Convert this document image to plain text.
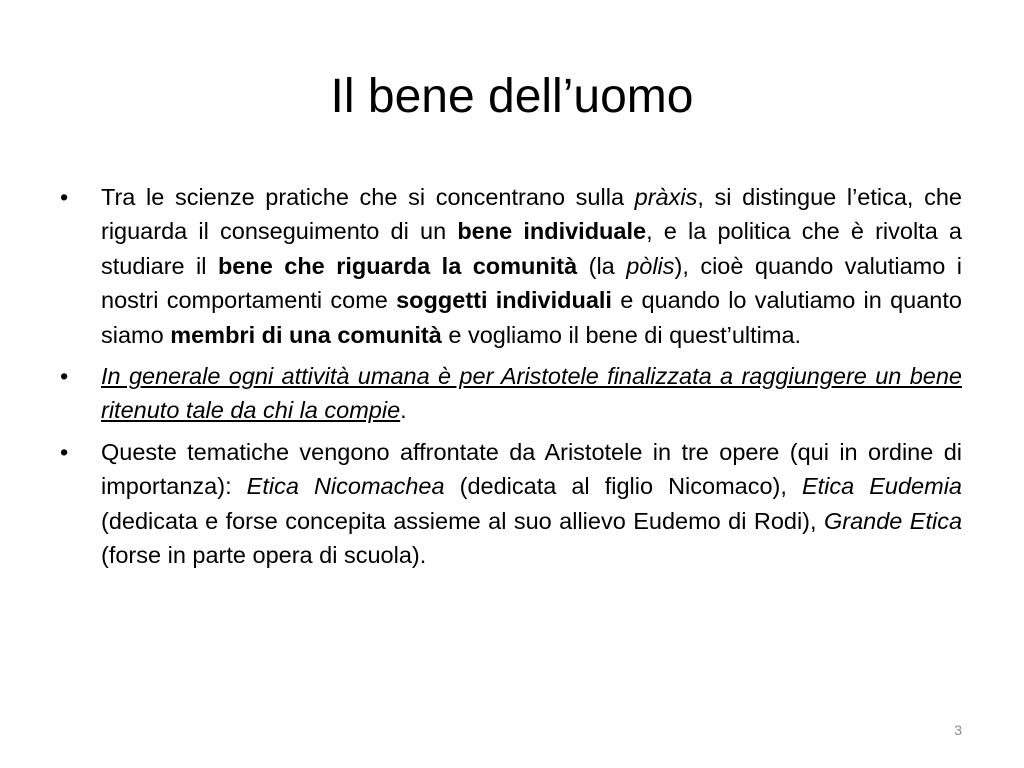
Il bene dell’uomo
• Tra le scienze pratiche che si concentrano sulla pràxis, si distingue l’etica, che riguarda il conseguimento di un bene individuale, e la politica che è rivolta a studiare il bene che riguarda la comunità (la pòlis), cioè quando valutiamo i nostri comportamenti come soggetti individuali e quando lo valutiamo in quanto siamo membri di una comunità e vogliamo il bene di quest’ultima.
• In generale ogni attività umana è per Aristotele finalizzata a raggiungere un bene ritenuto tale da chi la compie.
• Queste tematiche vengono affrontate da Aristotele in tre opere (qui in ordine di importanza): Etica Nicomachea (dedicata al figlio Nicomaco), Etica Eudemia (dedicata e forse concepita assieme al suo allievo Eudemo di Rodi), Grande Etica (forse in parte opera di scuola).
3
